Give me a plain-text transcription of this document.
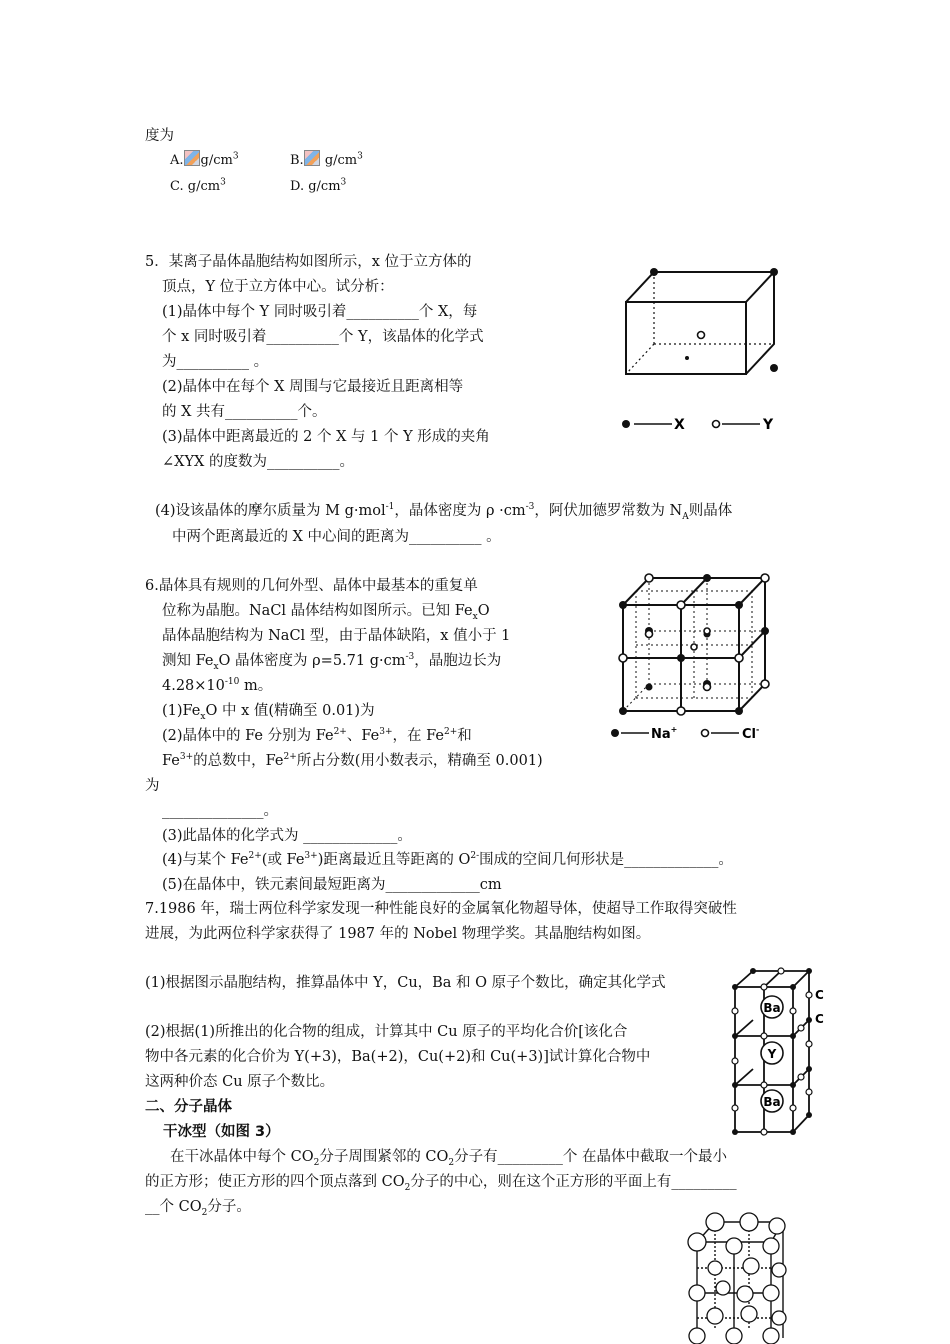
度为
A. $g/cm^3$	B. $g/cm^3$
C. $g/cm^3$	D. $g/cm^3$
5．某离子晶体晶胞结构如图所示，x 位于立方体的
顶点，Y 位于立方体中心。试分析：
(1)晶体中每个 Y 同时吸引着__________个 X，每
个 x 同时吸引着__________个 Y，该晶体的化学式
为__________ 。
(2)晶体中在每个 X 周围与它最接近且距离相等
的 X 共有__________个。
(3)晶体中距离最近的 2 个 X 与 1 个 Y 形成的夹角
∠XYX 的度数为__________。
(4)设该晶体的摩尔质量为 M g·mol$^{-1}$，晶体密度为 $\rho \cdot cm^{-3}$，阿伏加德罗常数为 $N_A$则晶体
中两个距离最近的 X 中心间的距离为__________ 。
X	Y
6.晶体具有规则的几何外型、晶体中最基本的重复单
位称为晶胞。NaCl 晶体结构如图所示。已知 $Fe_xO$
晶体晶胞结构为 NaCl 型，由于晶体缺陷，x 值小于 1
测知 $Fe_xO$ 晶体密度为 ρ=5.71 $g\cdot cm^{-3}$，晶胞边长为
$4.28\times 10^{-10}$ m。
$(1)Fe_xO$ 中 x 值(精确至 0.01)为
(2)晶体中的 Fe 分别为 $Fe^{2+}$、$Fe^{3+}$，在 $Fe^{2+}$和
$Fe^{3+}$的总数中，$Fe^{2+}$所占分数(用小数表示，精确至 0.001)
为
______________。
(3)此晶体的化学式为 _____________。
(4)与某个 $Fe^{2+}$(或 $Fe^{3+}$)距离最近且等距离的 $O^{2-}$围成的空间几何形状是_____________。
(5)在晶体中，铁元素间最短距离为_____________cm
Na+	Cl-
7.1986 年，瑞士两位科学家发现一种性能良好的金属氧化物超导体，使超导工作取得突破性
进展，为此两位科学家获得了 1987 年的 Nobel 物理学奖。其晶胞结构如图。
(1)根据图示晶胞结构，推算晶体中 Y，Cu，Ba 和 O 原子个数比，确定其化学式
(2)根据(1)所推出的化合物的组成，计算其中 Cu 原子的平均化合价[该化合
物中各元素的化合价为 Y(+3)，Ba(+2)，Cu(+2)和 Cu(+3)]试计算化合物中
这两种价态 Cu 原子个数比。
Ba
Y
Ba
C
C
二、分子晶体
干冰型（如图 3）
在干冰晶体中每个 $CO_2$分子周围紧邻的 $CO_2$分子有_________个 在晶体中截取一个最小
的正方形；使正方形的四个顶点落到 $CO_2$分子的中心，则在这个正方形的平面上有_________
__个 $CO_2$分子。
